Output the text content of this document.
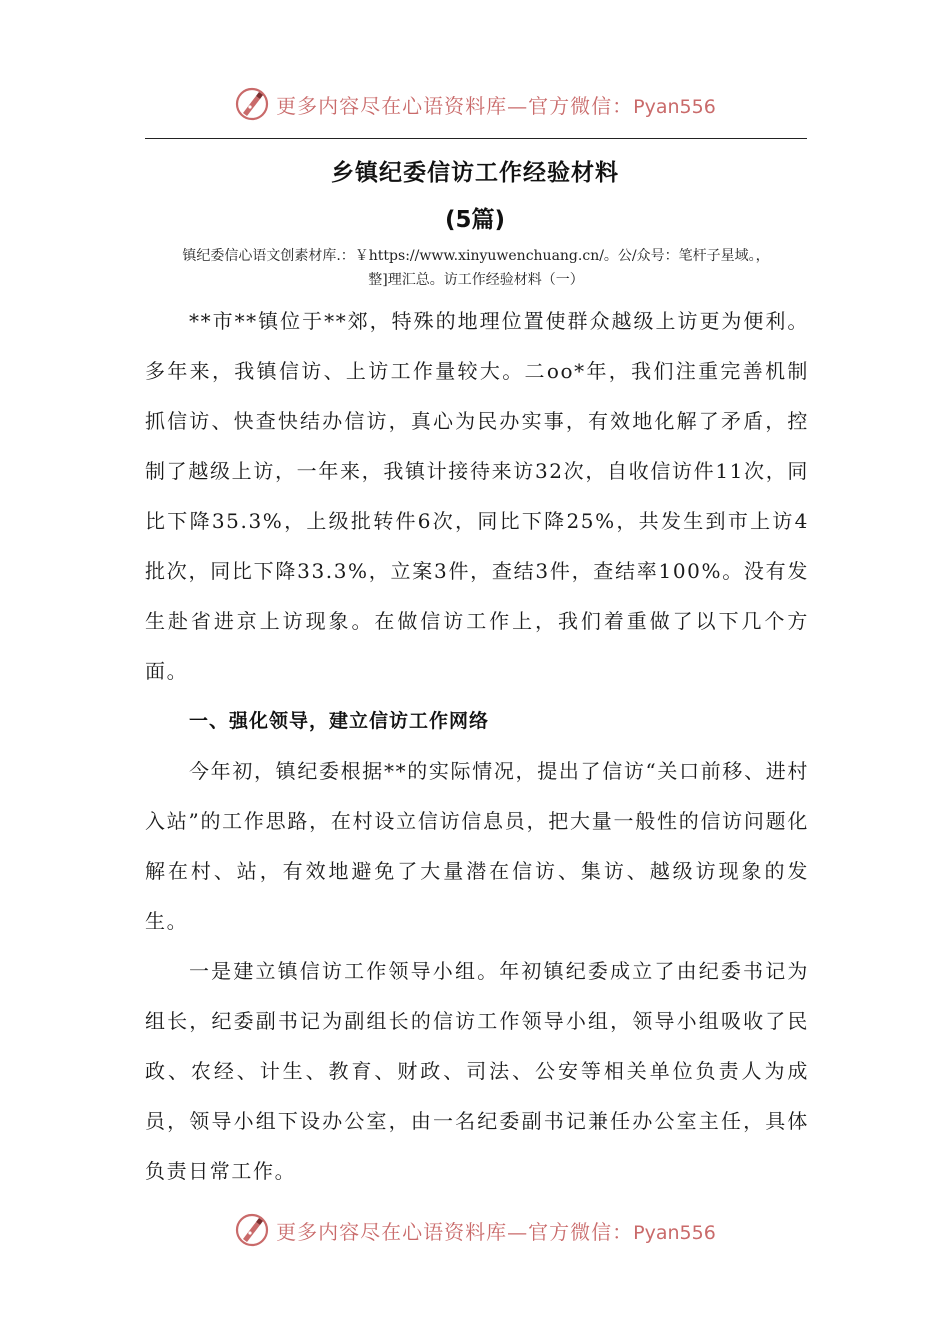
更多内容尽在心语资料库—官方微信：Pyan556
乡镇纪委信访工作经验材料
(5篇)
镇纪委信心语文创素材库.：￥https://www.xinyuwenchuang.cn/。公/众号：笔杆子星域。，
整]理汇总。访工作经验材料（一）

**市**镇位于**郊，特殊的地理位置使群众越级上访更为便利。多年来，我镇信访、上访工作量较大。二oo*年，我们注重完善机制抓信访、快查快结办信访，真心为民办实事，有效地化解了矛盾，控制了越级上访，一年来，我镇计接待来访32次，自收信访件11次，同比下降35.3%，上级批转件6次，同比下降25%，共发生到市上访4批次，同比下降33.3%，立案3件，查结3件，查结率100%。没有发生赴省进京上访现象。在做信访工作上，我们着重做了以下几个方面。

一、强化领导，建立信访工作网络

今年初，镇纪委根据**的实际情况，提出了信访“关口前移、进村入站”的工作思路，在村设立信访信息员，把大量一般性的信访问题化解在村、站，有效地避免了大量潜在信访、集访、越级访现象的发生。

一是建立镇信访工作领导小组。年初镇纪委成立了由纪委书记为组长，纪委副书记为副组长的信访工作领导小组，领导小组吸收了民政、农经、计生、教育、财政、司法、公安等相关单位负责人为成员，领导小组下设办公室，由一名纪委副书记兼任办公室主任，具体负责日常工作。

更多内容尽在心语资料库—官方微信：Pyan556
